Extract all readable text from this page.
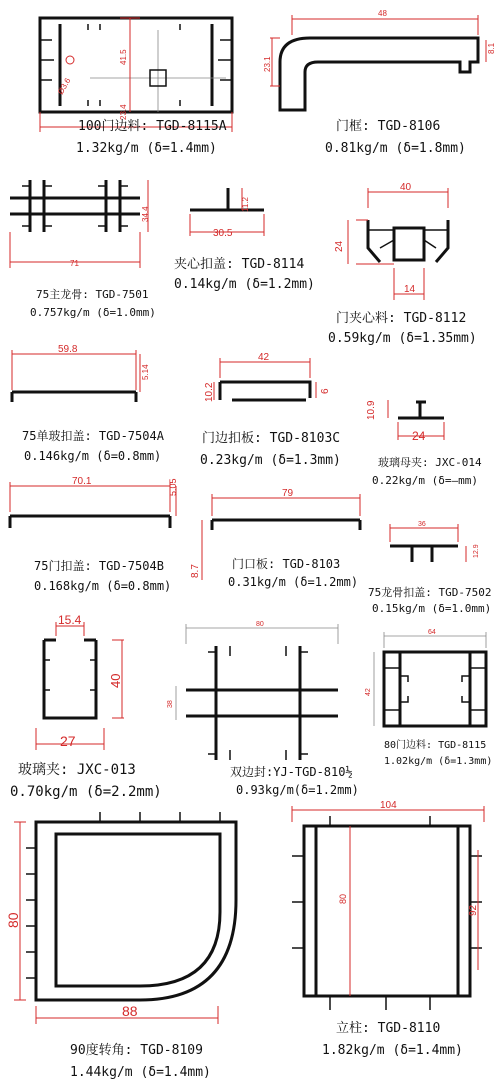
41.5
23.4
Ø3.6
100门边料: TGD-8115A
1.32kg/m (δ=1.4mm)
48
23.1
8.1
门框: TGD-8106
0.81kg/m (δ=1.8mm)
71
34.4
75主龙骨: TGD-7501
0.757kg/m (δ=1.0mm)
30.5
11.2
夹心扣盖: TGD-8114
0.14kg/m (δ=1.2mm)
40
24
14
门夹心料: TGD-8112
0.59kg/m (δ=1.35mm)
59.8
5.14
75单玻扣盖: TGD-7504A
0.146kg/m (δ=0.8mm)
42
10.2	6
门边扣板: TGD-8103C
0.23kg/m (δ=1.3mm)
24
10.9
玻璃母夹: JXC-014
0.22kg/m (δ=—mm)
70.1	5.05
75门扣盖: TGD-7504B
0.168kg/m (δ=0.8mm)
79
8.7
门口板: TGD-8103
0.31kg/m (δ=1.2mm)
36
12.9
75龙骨扣盖: TGD-7502
0.15kg/m (δ=1.0mm)
15.4
40
27
玻璃夹: JXC-013
0.70kg/m (δ=2.2mm)
80
38
双边封:YJ-TGD-810½
0.93kg/m(δ=1.2mm)
64
42
80门边料: TGD-8115
1.02kg/m (δ=1.3mm)
80
88
90度转角: TGD-8109
1.44kg/m (δ=1.4mm)
104
80
92
立柱: TGD-8110
1.82kg/m (δ=1.4mm)
